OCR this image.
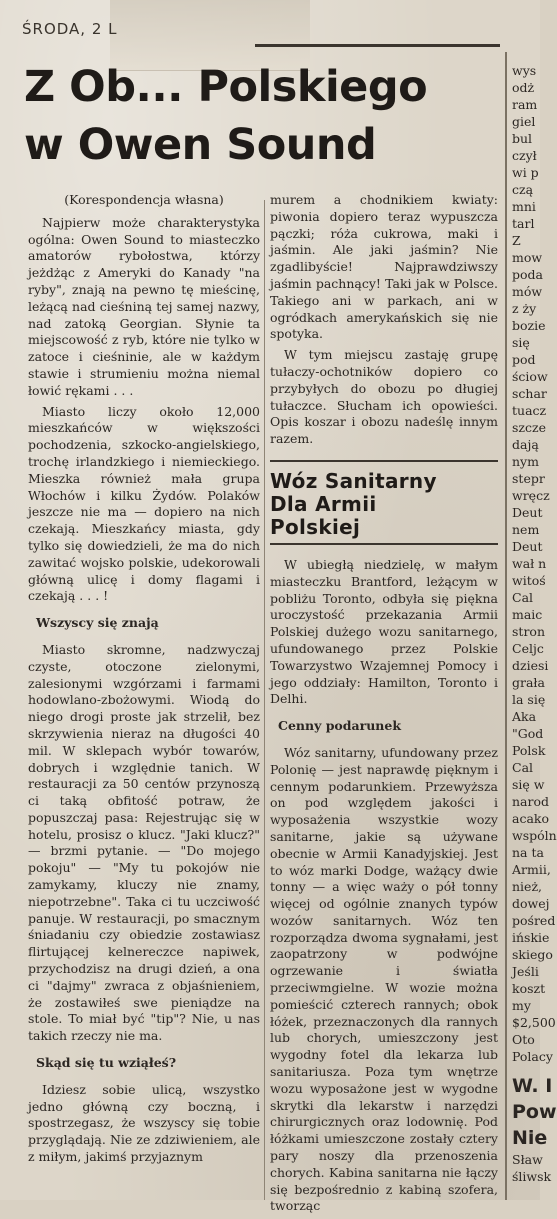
ŚRODA, 2 L
Z Ob... Polskiego
w Owen Sound
(Korespondencja własna)

Najpierw może charakterystyka ogólna: Owen Sound to miasteczko amatorów rybołostwa, którzy jeżdżąc z Ameryki do Kanady "na ryby", znają na pewno tę mieścinę, leżącą nad cieśniną tej samej nazwy, nad zatoką Georgian. Słynie ta miejscowość z ryb, które nie tylko w zatoce i cieśninie, ale w każdym stawie i strumieniu można niemal łowić rękami . . .

Miasto liczy około 12,000 mieszkańców w większości pochodzenia, szkocko-angielskiego, trochę irlandzkiego i niemieckiego. Mieszka również mała grupa Włochów i kilku Żydów. Polaków jeszcze nie ma — dopiero na nich czekają. Mieszkańcy miasta, gdy tylko się dowiedzieli, że ma do nich zawitać wojsko polskie, udekorowali główną ulicę i domy flagami i czekają . . . !

Wszyscy się znają

Miasto skromne, nadzwyczaj czyste, otoczone zielonymi, zalesionymi wzgórzami i farmami hodowlano-zbożowymi. Wiodą do niego drogi proste jak strzelił, bez skrzywienia nieraz na długości 40 mil. W sklepach wybór towarów, dobrych i względnie tanich. W restauracji za 50 centów przynoszą ci taką obfitość potraw, że popuszczaj pasa: Rejestrując się w hotelu, prosisz o klucz. "Jaki klucz?" — brzmi pytanie. — "Do mojego pokoju" — "My tu pokojów nie zamykamy, kluczy nie znamy, niepotrzebne". Taka ci tu uczciwość panuje. W restauracji, po smacznym śniadaniu czy obiedzie zostawiasz flirtującej kelnereczce napiwek, przychodzisz na drugi dzień, a ona ci "dajmy" zwraca z objaśnieniem, że zostawiłeś swe pieniądze na stole. To miał być "tip"? Nie, u nas takich rzeczy nie ma.

Skąd się tu wziąłeś?

Idziesz sobie ulicą, wszystko jedno główną czy boczną, i spostrzegasz, że wszyscy się tobie przyglądają. Nie ze zdziwieniem, ale z miłym, jakimś przyjaznym

murem a chodnikiem kwiaty: piwonia dopiero teraz wypuszcza pączki; róża cukrowa, maki i jaśmin. Ale jaki jaśmin? Nie zgadlibyście! Najprawdziwszy jaśmin pachnący! Taki jak w Polsce. Takiego ani w parkach, ani w ogródkach amerykańskich się nie spotyka.

W tym miejscu zastaję grupę tułaczy-ochotników dopiero co przybyłych do obozu po długiej tułaczce. Słucham ich opowieści. Opis koszar i obozu nadeślę innym razem.

Wóz Sanitarny
Dla Armii
Polskiej

W ubiegłą niedzielę, w małym miasteczku Brantford, leżącym w pobliżu Toronto, odbyła się piękna uroczystość przekazania Armii Polskiej dużego wozu sanitarnego, ufundowanego przez Polskie Towarzystwo Wzajemnej Pomocy i jego oddziały: Hamilton, Toronto i Delhi.

Cenny podarunek

Wóz sanitarny, ufundowany przez Polonię — jest naprawdę pięknym i cennym podarunkiem. Przewyższa on pod względem jakości i wyposażenia wszystkie wozy sanitarne, jakie są używane obecnie w Armii Kanadyjskiej. Jest to wóz marki Dodge, ważący dwie tonny — a więc waży o pół tonny więcej od ogólnie znanych typów wozów sanitarnych. Wóz ten rozporządza dwoma sygnałami, jest zaopatrzony w podwójne ogrzewanie i światła przeciwmgielne. W wozie można pomieścić czterech rannych; obok łóżek, przeznaczonych dla rannych lub chorych, umieszczony jest wygodny fotel dla lekarza lub sanitariusza. Poza tym wnętrze wozu wyposażone jest w wygodne skrytki dla lekarstw i narzędzi chirurgicznych oraz lodownię. Pod łóżkami umieszczone zostały cztery pary noszy dla przenoszenia chorych. Kabina sanitarna nie łączy się bezpośrednio z kabiną szofera, tworząc

wys
odż
ram
giel
bul
czył
wi p
czą
mni
tarl
Z
mow
poda
mów
z ży
bozie
się
pod
ściow
schar
tuacz
szcze
dają
nym
stepr
wręcz
Deut
nem
Deut
wał n
witoś
Cal
maic
stron
Celjc
dziesi
grała
la się
Aka
"God
Polsk
Cal
się w
narod
acako
wspóln
na ta
Armii,
nież,
dowej
pośred
ińskie
skiego
Jeśli
koszt
my
$2,500
Oto
Polacy
W. I
Pow
Nie
Sław
śliwsk
